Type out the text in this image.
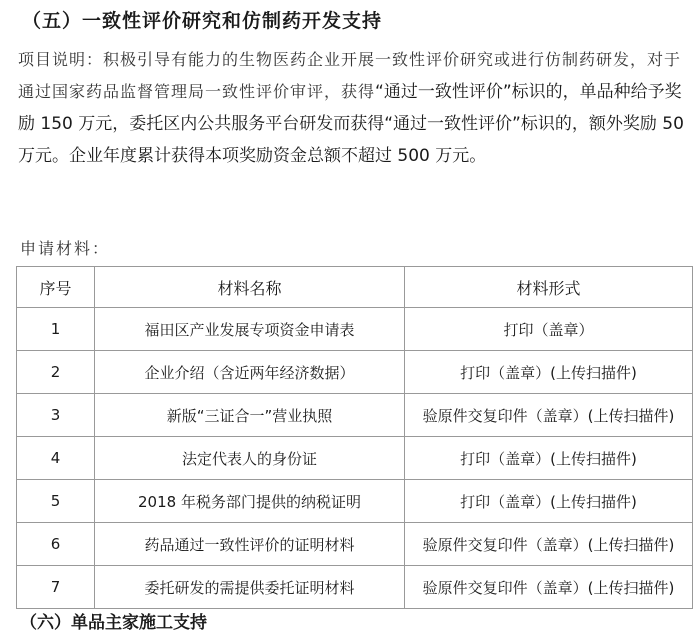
（五）一致性评价研究和仿制药开发支持

项目说明：积极引导有能力的生物医药企业开展一致性评价研究或进行仿制药研发，对于通过国家药品监督管理局一致性评价审评，获得“通过一致性评价”标识的，单品种给予奖励 150 万元，委托区内公共服务平台研发而获得“通过一致性评价”标识的，额外奖励 50 万元。企业年度累计获得本项奖励资金总额不超过 500 万元。

申请材料：
序号	材料名称	材料形式
1	福田区产业发展专项资金申请表	打印（盖章）
2	企业介绍（含近两年经济数据）	打印（盖章）(上传扫描件)
3	新版“三证合一”营业执照	验原件交复印件（盖章）(上传扫描件)
4	法定代表人的身份证	打印（盖章）(上传扫描件)
5	2018 年税务部门提供的纳税证明	打印（盖章）(上传扫描件)
6	药品通过一致性评价的证明材料	验原件交复印件（盖章）(上传扫描件)
7	委托研发的需提供委托证明材料	验原件交复印件（盖章）(上传扫描件)
（六）单品主家施工支持
